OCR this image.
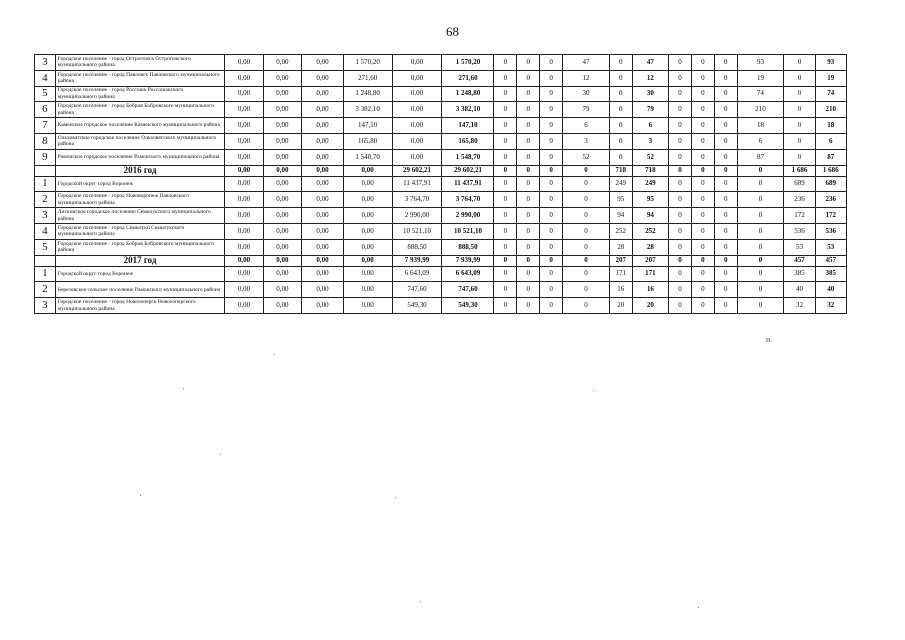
68
3	Городское поселение - город Острогожск Острогожского муниципального района	0,00	0,00	0,00	1 570,20	0,00	1 570,20	0	0	0	47	0	47	0	0	0	93	0	93
4	Городское поселение - город Павловск Павловского муниципального района	0,00	0,00	0,00	271,60	0,00	271,60	0	0	0	12	0	12	0	0	0	19	0	19
5	Городское поселение - город Россошь Россошанского муниципального района	0,00	0,00	0,00	1 248,80	0,00	1 248,80	0	0	0	30	0	30	0	0	0	74	0	74
6	Городское поселение - город Бобров Бобровского муниципального района	0,00	0,00	0,00	3 382,10	0,00	3 382,10	0	0	0	79	0	79	0	0	0	210	0	210
7	Каменское городское поселение Каменского муниципального района	0,00	0,00	0,00	147,10	0,00	147,10	0	0	0	6	0	6	0	0	0	18	0	18
8	Ольховатское городское поселение Ольховатского муниципального района	0,00	0,00	0,00	165,80	0,00	165,80	0	0	0	3	0	3	0	0	0	6	0	6
9	Рамонское городское поселение Рамонского муниципального района	0,00	0,00	0,00	1 548,70	0,00	1 548,70	0	0	0	52	0	52	0	0	0	87	0	87
	2016 год	0,00	0,00	0,00	0,00	29 602,21	29 602,21	0	0	0	0	718	718	0	0	0	0	1 686	1 686
1	Городской округ город Воронеж	0,00	0,00	0,00	0,00	11 437,91	11 437,91	0	0	0	0	249	249	0	0	0	0	689	689
2	Городское поселение - город Нововоронеж Павловского муниципального района	0,00	0,00	0,00	0,00	3 764,70	3 764,70	0	0	0	0	95	95	0	0	0	0	236	236
3	Лискинское городское поселение Семилукского муниципального района	0,00	0,00	0,00	0,00	2 990,00	2 990,00	0	0	0	0	94	94	0	0	0	0	172	172
4	Городское поселение - город Семилуки Семилукского муниципального района	0,00	0,00	0,00	0,00	10 521,10	10 521,10	0	0	0	0	252	252	0	0	0	0	536	536
5	Городское поселение - город Бобров Бобровского муниципального района	0,00	0,00	0,00	0,00	888,50	888,50	0	0	0	0	28	28	0	0	0	0	53	53
	2017 год	0,00	0,00	0,00	0,00	7 939,99	7 939,99	0	0	0	0	207	207	0	0	0	0	457	457
1	Городской округ город Воронеж	0,00	0,00	0,00	0,00	6 643,09	6 643,09	0	0	0	0	171	171	0	0	0	0	385	385
2	Березовское сельское поселение Рамонского муниципального района	0,00	0,00	0,00	0,00	747,60	747,60	0	0	0	0	16	16	0	0	0	0	40	40
3	Городское поселение - город Новохоперск Новохоперского муниципального района	0,00	0,00	0,00	0,00	549,30	549,30	0	0	0	0	20	20	0	0	0	0	32	32
и.
